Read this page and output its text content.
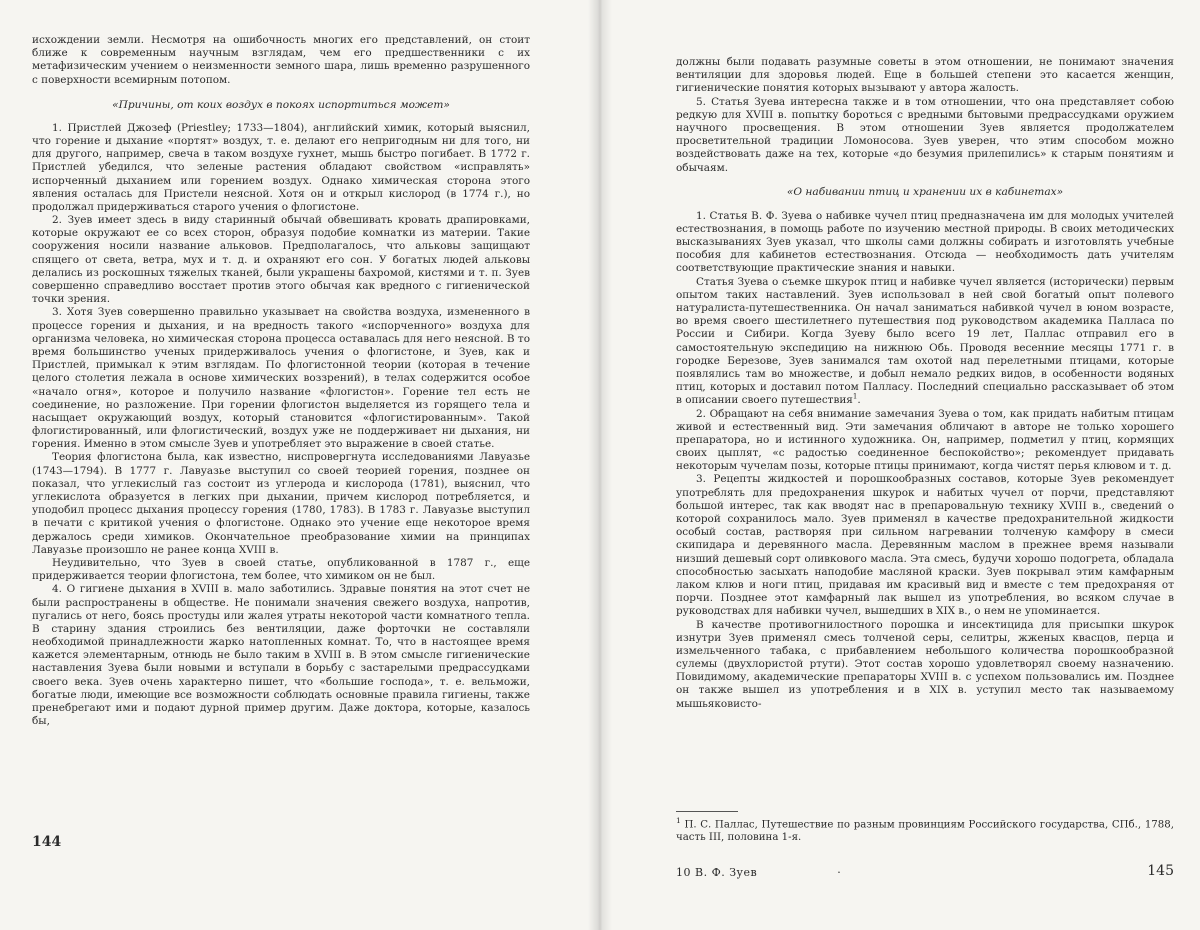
исхождении земли. Несмотря на ошибочность многих его представлений, он стоит ближе к современным научным взглядам, чем его предшественники с их метафизическим учением о неизменности земного шара, лишь временно разрушенного с поверхности всемирным потопом.

«Причины, от коих воздух в покоях испортиться может»

1. Пристлей Джозеф (Priestley; 1733—1804), английский химик, который выяснил, что горение и дыхание «портят» воздух, т. е. делают его непригодным ни для того, ни для другого, например, свеча в таком воздухе гухнет, мышь быстро погибает. В 1772 г. Пристлей убедился, что зеленые растения обладают свойством «исправлять» испорченный дыханием или горением воздух. Однако химическая сторона этого явления осталась для Пристели неясной. Хотя он и открыл кислород (в 1774 г.), но продолжал придерживаться старого учения о флогистоне.

2. Зуев имеет здесь в виду старинный обычай обвешивать кровать драпировками, которые окружают ее со всех сторон, образуя подобие комнатки из материи. Такие сооружения носили название альковов. Предполагалось, что альковы защищают спящего от света, ветра, мух и т. д. и охраняют его сон. У богатых людей альковы делались из роскошных тяжелых тканей, были украшены бахромой, кистями и т. п. Зуев совершенно справедливо восстает против этого обычая как вредного с гигиенической точки зрения.

3. Хотя Зуев совершенно правильно указывает на свойства воздуха, измененного в процессе горения и дыхания, и на вредность такого «испорченного» воздуха для организма человека, но химическая сторона процесса оставалась для него неясной. В то время большинство ученых придерживалось учения о флогистоне, и Зуев, как и Пристлей, примыкал к этим взглядам. По флогистонной теории (которая в течение целого столетия лежала в основе химических воззрений), в телах содержится особое «начало огня», которое и получило название «флогистон». Горение тел есть не соединение, но разложение. При горении флогистон выделяется из горящего тела и насыщает окружающий воздух, который становится «флогистированным». Такой флогистированный, или флогистический, воздух уже не поддерживает ни дыхания, ни горения. Именно в этом смысле Зуев и употребляет это выражение в своей статье.

Теория флогистона была, как известно, ниспровергнута исследованиями Лавуазье (1743—1794). В 1777 г. Лавуазье выступил со своей теорией горения, позднее он показал, что углекислый газ состоит из углерода и кислорода (1781), выяснил, что углекислота образуется в легких при дыхании, причем кислород потребляется, и уподобил процесс дыхания процессу горения (1780, 1783). В 1783 г. Лавуазье выступил в печати с критикой учения о флогистоне. Однако это учение еще некоторое время держалось среди химиков. Окончательное преобразование химии на принципах Лавуазье произошло не ранее конца XVIII в.

Неудивительно, что Зуев в своей статье, опубликованной в 1787 г., еще придерживается теории флогистона, тем более, что химиком он не был.

4. О гигиене дыхания в XVIII в. мало заботились. Здравые понятия на этот счет не были распространены в обществе. Не понимали значения свежего воздуха, напротив, пугались от него, боясь простуды или жалея утраты некоторой части комнатного тепла. В старину здания строились без вентиляции, даже форточки не составляли необходимой принадлежности жарко натопленных комнат. То, что в настоящее время кажется элементарным, отнюдь не было таким в XVIII в. В этом смысле гигиенические наставления Зуева были новыми и вступали в борьбу с застарелыми предрассудками своего века. Зуев очень характерно пишет, что «большие господа», т. е. вельможи, богатые люди, имеющие все возможности соблюдать основные правила гигиены, также пренебрегают ими и подают дурной пример другим. Даже доктора, которые, казалось бы,

144

должны были подавать разумные советы в этом отношении, не понимают значения вентиляции для здоровья людей. Еще в большей степени это касается женщин, гигиенические понятия которых вызывают у автора жалость.

5. Статья Зуева интересна также и в том отношении, что она представляет собою редкую для XVIII в. попытку бороться с вредными бытовыми предрассудками оружием научного просвещения. В этом отношении Зуев является продолжателем просветительной традиции Ломоносова. Зуев уверен, что этим способом можно воздействовать даже на тех, которые «до безумия прилепились» к старым понятиям и обычаям.

«О набивании птиц и хранении их в кабинетах»

1. Статья В. Ф. Зуева о набивке чучел птиц предназначена им для молодых учителей естествознания, в помощь работе по изучению местной природы. В своих методических высказываниях Зуев указал, что школы сами должны собирать и изготовлять учебные пособия для кабинетов естествознания. Отсюда — необходимость дать учителям соответствующие практические знания и навыки.

Статья Зуева о съемке шкурок птиц и набивке чучел является (исторически) первым опытом таких наставлений. Зуев использовал в ней свой богатый опыт полевого натуралиста-путешественника. Он начал заниматься набивкой чучел в юном возрасте, во время своего шестилетнего путешествия под руководством академика Палласа по России и Сибири. Когда Зуеву было всего 19 лет, Паллас отправил его в самостоятельную экспедицию на нижнюю Обь. Проводя весенние месяцы 1771 г. в городке Березове, Зуев занимался там охотой над перелетными птицами, которые появлялись там во множестве, и добыл немало редких видов, в особенности водяных птиц, которых и доставил потом Палласу. Последний специально рассказывает об этом в описании своего путешествия1.

2. Обращают на себя внимание замечания Зуева о том, как придать набитым птицам живой и естественный вид. Эти замечания обличают в авторе не только хорошего препаратора, но и истинного художника. Он, например, подметил у птиц, кормящих своих цыплят, «с радостью соединенное беспокойство»; рекомендует придавать некоторым чучелам позы, которые птицы принимают, когда чистят перья клювом и т. д.

3. Рецепты жидкостей и порошкообразных составов, которые Зуев рекомендует употреблять для предохранения шкурок и набитых чучел от порчи, представляют большой интерес, так как вводят нас в препаровальную технику XVIII в., сведений о которой сохранилось мало. Зуев применял в качестве предохранительной жидкости особый состав, растворяя при сильном нагревании толченую камфору в смеси скипидара и деревянного масла. Деревянным маслом в прежнее время называли низший дешевый сорт оливкового масла. Эта смесь, будучи хорошо подогрета, обладала способностью засыхать наподобие масляной краски. Зуев покрывал этим камфарным лаком клюв и ноги птиц, придавая им красивый вид и вместе с тем предохраняя от порчи. Позднее этот камфарный лак вышел из употребления, во всяком случае в руководствах для набивки чучел, вышедших в XIX в., о нем не упоминается.

В качестве противогнилостного порошка и инсектицида для присыпки шкурок изнутри Зуев применял смесь толченой серы, селитры, жженых квасцов, перца и измельченного табака, с прибавлением небольшого количества порошкообразной сулемы (двухлористой ртути). Этот состав хорошо удовлетворял своему назначению. Повидимому, академические препараторы XVIII в. с успехом пользовались им. Позднее он также вышел из употребления и в XIX в. уступил место так называемому мышьяковисто-

1 П. С. Паллас, Путешествие по разным провинциям Российского государства, СПб., 1788, часть III, половина 1-я.
10 В. Ф. Зуев	·	145
